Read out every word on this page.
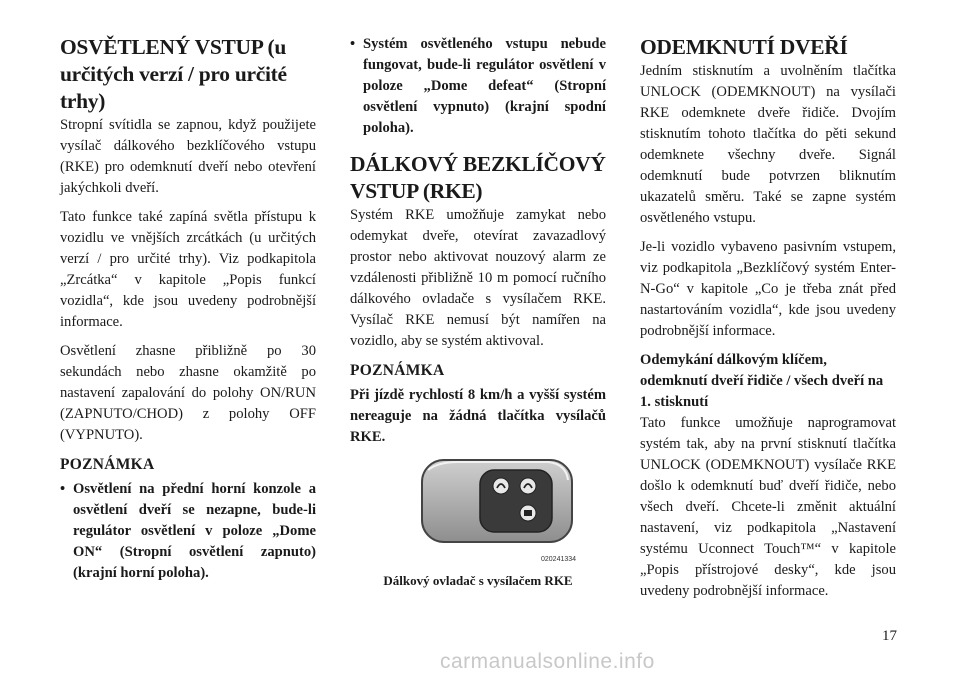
OSVĚTLENÝ VSTUP (u určitých verzí / pro určité trhy)

Stropní svítidla se zapnou, když použijete vysílač dálkového bezklíčového vstupu (RKE) pro odemknutí dveří nebo otevření jakýchkoli dveří.

Tato funkce také zapíná světla přístupu k vozidlu ve vnějších zrcátkách (u určitých verzí / pro určité trhy). Viz podkapitola „Zrcátka“ v kapitole „Popis funkcí vozidla“, kde jsou uvedeny podrobnější informace.

Osvětlení zhasne přibližně po 30 sekundách nebo zhasne okamžitě po nastavení zapalování do polohy ON/RUN (ZAPNUTO/CHOD) z polohy OFF (VYPNUTO).

POZNÁMKA
• Osvětlení na přední horní konzole a osvětlení dveří se nezapne, bude-li regulátor osvětlení v poloze „Dome ON“ (Stropní osvětlení zapnuto) (krajní horní poloha).
• Systém osvětleného vstupu nebude fungovat, bude-li regulátor osvětlení v poloze „Dome defeat“ (Stropní osvětlení vypnuto) (krajní spodní poloha).
DÁLKOVÝ BEZKLÍČOVÝ VSTUP (RKE)

Systém RKE umožňuje zamykat nebo odemykat dveře, otevírat zavazadlový prostor nebo aktivovat nouzový alarm ze vzdálenosti přibližně 10 m pomocí ručního dálkového ovladače s vysílačem RKE. Vysílač RKE nemusí být namířen na vozidlo, aby se systém aktivoval.

POZNÁMKA

Při jízdě rychlostí 8 km/h a vyšší systém nereaguje na žádná tlačítka vysílačů RKE.

020241334
Dálkový ovladač s vysílačem RKE
ODEMKNUTÍ DVEŘÍ

Jedním stisknutím a uvolněním tlačítka UNLOCK (ODEMKNOUT) na vysílači RKE odemknete dveře řidiče. Dvojím stisknutím tohoto tlačítka do pěti sekund odemknete všechny dveře. Signál odemknutí bude potvrzen bliknutím ukazatelů směru. Také se zapne systém osvětleného vstupu.

Je-li vozidlo vybaveno pasivním vstupem, viz podkapitola „Bezklíčový systém Enter-N-Go“ v kapitole „Co je třeba znát před nastartováním vozidla“, kde jsou uvedeny podrobnější informace.

Odemykání dálkovým klíčem, odemknutí dveří řidiče / všech dveří na 1. stisknutí

Tato funkce umožňuje naprogramovat systém tak, aby na první stisknutí tlačítka UNLOCK (ODEMKNOUT) vysílače RKE došlo k odemknutí buď dveří řidiče, nebo všech dveří. Chcete-li změnit aktuální nastavení, viz podkapitola „Nastavení systému Uconnect Touch™“ v kapitole „Popis přístrojové desky“, kde jsou uvedeny podrobnější informace.

17
carmanualsonline.info
